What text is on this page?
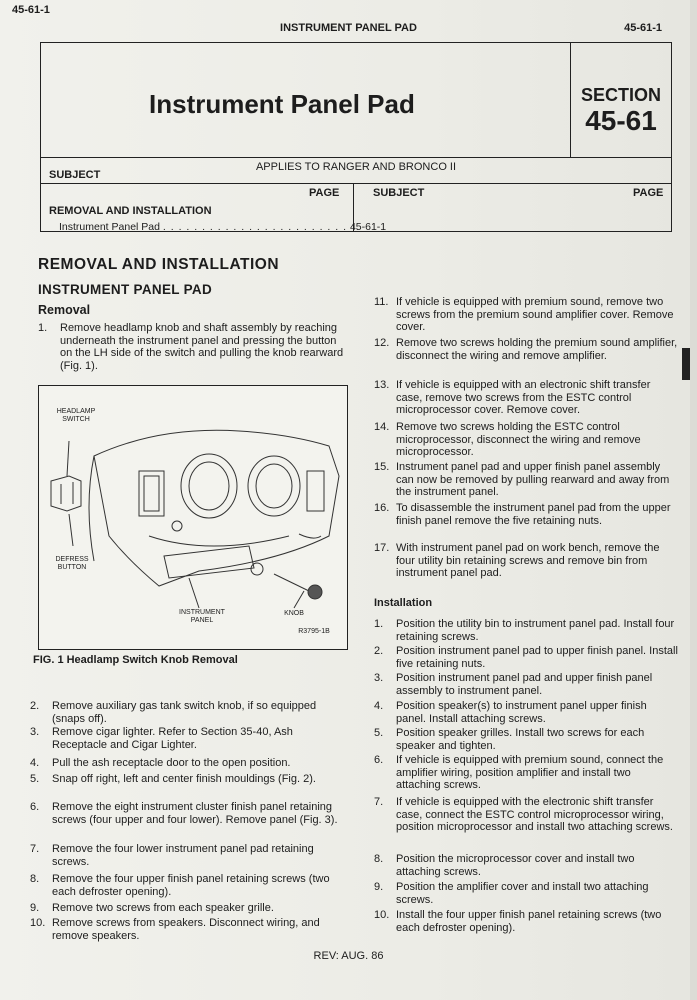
45-61-1
INSTRUMENT PANEL PAD	45-61-1
Instrument Panel Pad	SECTION
45-61
APPLIES TO RANGER AND BRONCO II
SUBJECT
PAGE	SUBJECT	PAGE
REMOVAL AND INSTALLATION
Instrument Panel Pad . . . . . . . . . . . . . . . . . . . . . . . . 45-61-1
REMOVAL AND INSTALLATION
INSTRUMENT PANEL PAD
Removal
1. Remove headlamp knob and shaft assembly by reaching underneath the instrument panel and pressing the button on the LH side of the switch and pulling the knob rearward (Fig. 1).
HEADLAMP SWITCH
DEFRESS BUTTON
INSTRUMENT PANEL
KNOB
R3795-1B
FIG. 1 Headlamp Switch Knob Removal
2. Remove auxiliary gas tank switch knob, if so equipped (snaps off).
3. Remove cigar lighter. Refer to Section 35-40, Ash Receptacle and Cigar Lighter.
4. Pull the ash receptacle door to the open position.
5. Snap off right, left and center finish mouldings (Fig. 2).
6. Remove the eight instrument cluster finish panel retaining screws (four upper and four lower). Remove panel (Fig. 3).
7. Remove the four lower instrument panel pad retaining screws.
8. Remove the four upper finish panel retaining screws (two each defroster opening).
9. Remove two screws from each speaker grille.
10. Remove screws from speakers. Disconnect wiring, and remove speakers.
11. If vehicle is equipped with premium sound, remove two screws from the premium sound amplifier cover. Remove cover.
12. Remove two screws holding the premium sound amplifier, disconnect the wiring and remove amplifier.
13. If vehicle is equipped with an electronic shift transfer case, remove two screws from the ESTC control microprocessor cover. Remove cover.
14. Remove two screws holding the ESTC control microprocessor, disconnect the wiring and remove microprocessor.
15. Instrument panel pad and upper finish panel assembly can now be removed by pulling rearward and away from the instrument panel.
16. To disassemble the instrument panel pad from the upper finish panel remove the five retaining nuts.
17. With instrument panel pad on work bench, remove the four utility bin retaining screws and remove bin from instrument panel pad.
Installation
1. Position the utility bin to instrument panel pad. Install four retaining screws.
2. Position instrument panel pad to upper finish panel. Install five retaining nuts.
3. Position instrument panel pad and upper finish panel assembly to instrument panel.
4. Position speaker(s) to instrument panel upper finish panel. Install attaching screws.
5. Position speaker grilles. Install two screws for each speaker and tighten.
6. If vehicle is equipped with premium sound, connect the amplifier wiring, position amplifier and install two attaching screws.
7. If vehicle is equipped with the electronic shift transfer case, connect the ESTC control microprocessor wiring, position microprocessor and install two attaching screws.
8. Position the microprocessor cover and install two attaching screws.
9. Position the amplifier cover and install two attaching screws.
10. Install the four upper finish panel retaining screws (two each defroster opening).
REV: AUG. 86
